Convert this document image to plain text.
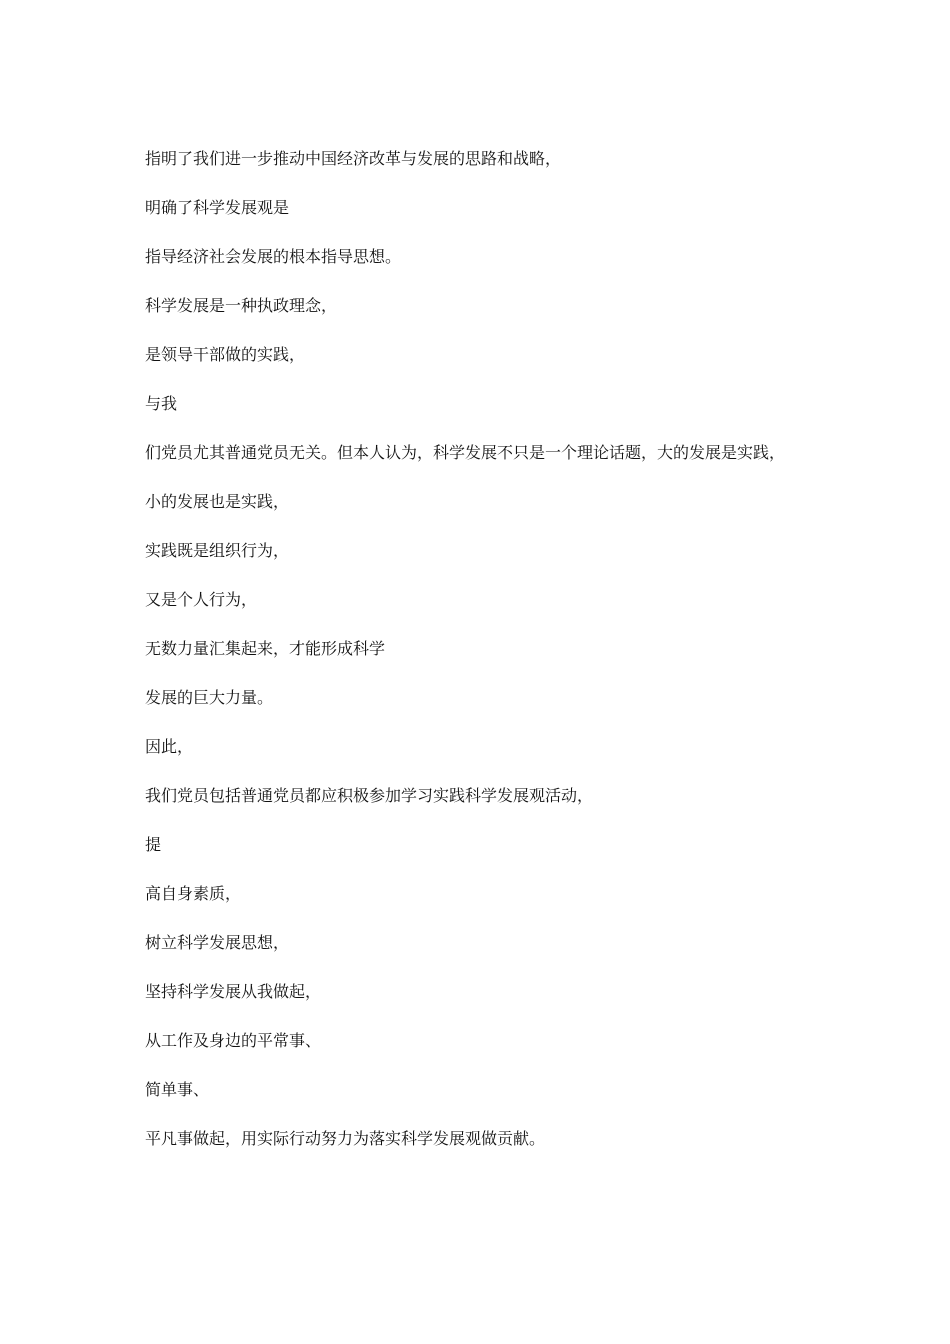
指明了我们进一步推动中国经济改革与发展的思路和战略，
明确了科学发展观是
指导经济社会发展的根本指导思想。
科学发展是一种执政理念，
是领导干部做的实践，
与我
们党员尤其普通党员无关。但本人认为，科学发展不只是一个理论话题，大的发展是实践，
小的发展也是实践，
实践既是组织行为，
又是个人行为，
无数力量汇集起来，才能形成科学
发展的巨大力量。
因此，
我们党员包括普通党员都应积极参加学习实践科学发展观活动，
提
高自身素质，
树立科学发展思想，
坚持科学发展从我做起，
从工作及身边的平常事、
简单事、
平凡事做起，用实际行动努力为落实科学发展观做贡献。
